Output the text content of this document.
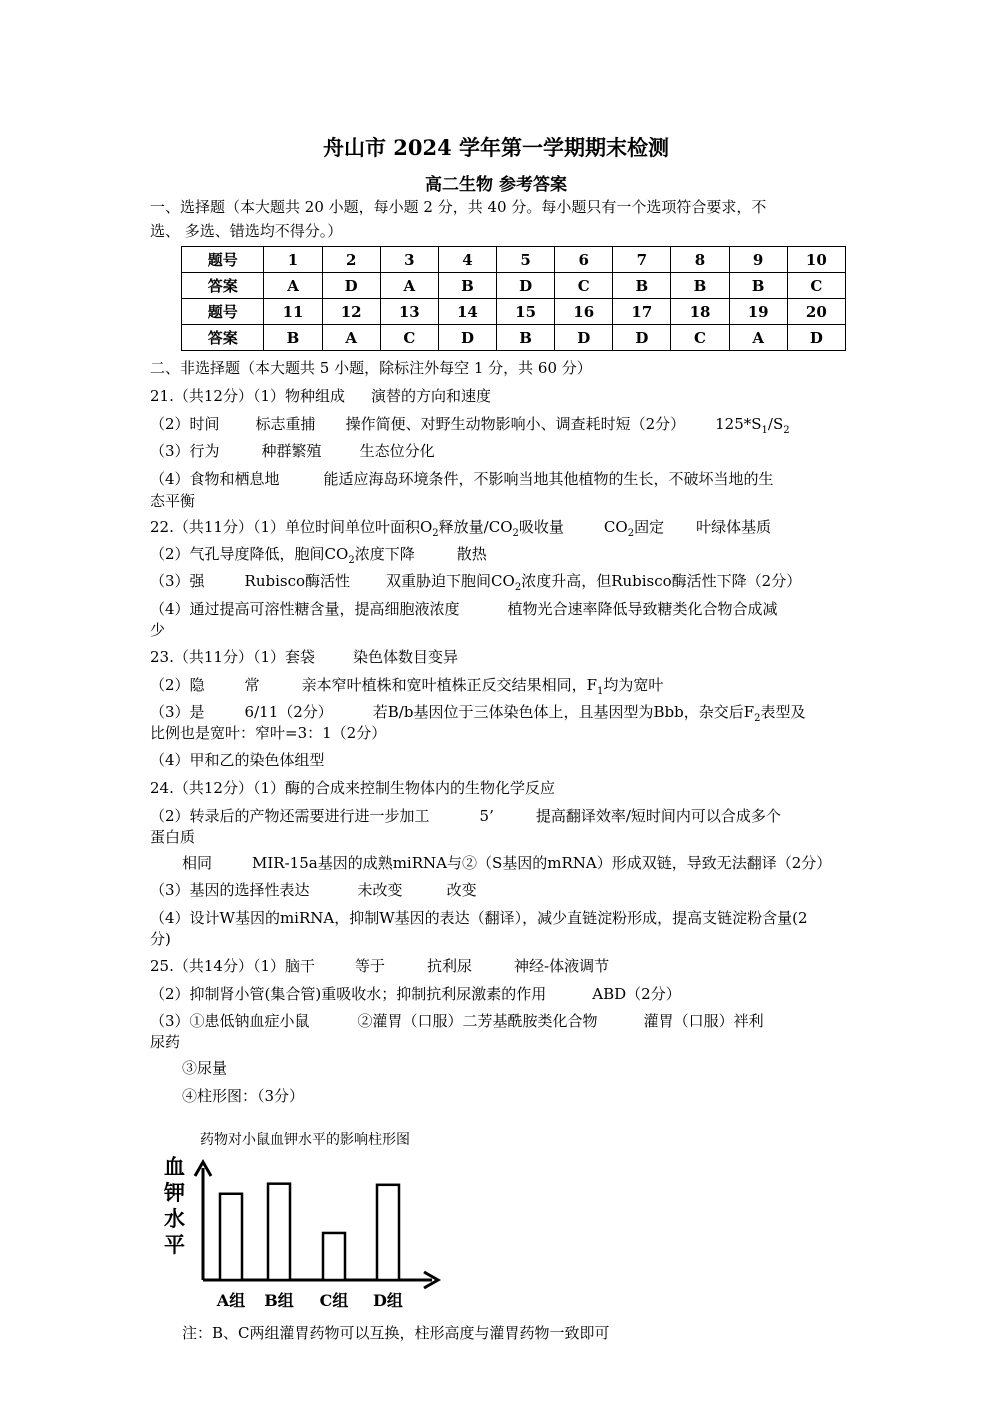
舟山市 2024 学年第一学期期末检测
高二生物 参考答案
一、选择题（本大题共 20 小题，每小题 2 分，共 40 分。每小题只有一个选项符合要求，不
选、 多选、错选均不得分。）
题号	1	2	3	4	5	6	7	8	9	10
答案	A	D	A	B	D	C	B	B	B	C
题号	11	12	13	14	15	16	17	18	19	20
答案	B	A	C	D	B	D	D	C	A	D
二、非选择题（本大题共 5 小题，除标注外每空 1 分，共 60 分）
21.（共12分）（1）物种组成 演替的方向和速度
（2）时间 标志重捕 操作简便、对野生动物影响小、调查耗时短（2分） $125*S_1/S_2$
（3）行为	种群繁殖	生态位分化
（4）食物和栖息地	能适应海岛环境条件，不影响当地其他植物的生长，不破坏当地的生
态平衡
22.（共11分）（1）单位时间单位叶面积$O_2$释放量$/CO_2$吸收量	$CO_2$固定 叶绿体基质
（2）气孔导度降低，胞间$CO_2$浓度下降	散热
（3）强	Rubisco酶活性 双重胁迫下胞间$CO_2$浓度升高，但Rubisco酶活性下降（2分）
（4）通过提高可溶性糖含量，提高细胞液浓度	植物光合速率降低导致糖类化合物合成减
少
23.（共11分）（1）套袋	染色体数目变异
（2）隐	常	亲本窄叶植株和宽叶植株正反交结果相同，$F_1$均为宽叶
（3）是	6/11（2分）	若B/b基因位于三体染色体上，且基因型为Bbb，杂交后$F_2$表型及
比例也是宽叶：窄叶=3：1（2分）
（4）甲和乙的染色体组型
24.（共12分）（1）酶的合成来控制生物体内的生物化学反应
（2）转录后的产物还需要进行进一步加工	5’	提高翻译效率/短时间内可以合成多个
蛋白质
相同	MIR-15a基因的成熟miRNA与②（S基因的mRNA）形成双链，导致无法翻译（2分）
（3）基因的选择性表达	未改变	改变
（4）设计W基因的miRNA，抑制W基因的表达（翻译），减少直链淀粉形成，提高支链淀粉含量(2
分)
25.（共14分）（1）脑干	等于	抗利尿	神经-体液调节
（2）抑制肾小管(集合管)重吸收水；抑制抗利尿激素的作用	ABD（2分）
（3）①患低钠血症小鼠	②灌胃（口服）二芳基酰胺类化合物	灌胃（口服）袢利
尿药
③尿量
④柱形图：（3分）
药物对小鼠血钾水平的影响柱形图
血
钾
水
平
A组 B组 C组 D组
注：B、C两组灌胃药物可以互换，柱形高度与灌胃药物一致即可
